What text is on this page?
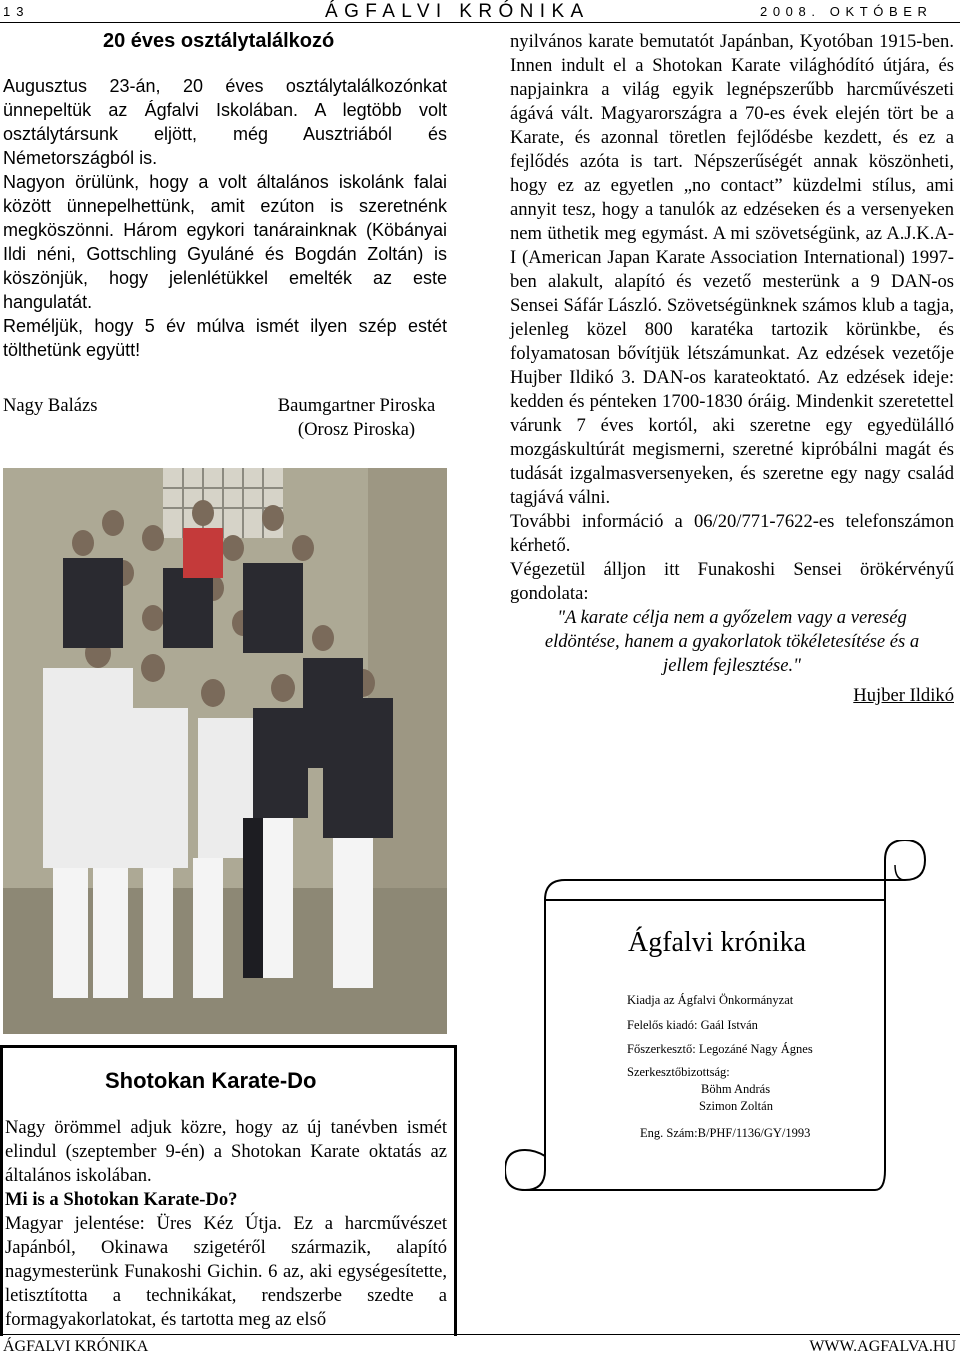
13	ÁGFALVI KRÓNIKA	2008. OKTÓBER
20 éves osztálytalálkozó

Augusztus 23-án, 20 éves osztálytalálkozónkat ünnepeltük az Ágfalvi Iskolában. A legtöbb volt osztálytársunk eljött, még Ausztriából és Németországból is.

Nagyon örülünk, hogy a volt általános iskolánk falai között ünnepelhettünk, amit ezúton is szeretnénk megköszönni. Három egykori tanárainknak (Köbányai Ildi néni, Gottschling Gyuláné és Bogdán Zoltán) is köszönjük, hogy jelenlétükkel emelték az este hangulatát.

Reméljük, hogy 5 év múlva ismét ilyen szép estét tölthetünk együtt!

Nagy Balázs	Baumgartner Piroska
(Orosz Piroska)
Shotokan Karate-Do

Nagy örömmel adjuk közre, hogy az új tanévben ismét elindul (szeptember 9-én) a Shotokan Karate oktatás az általános iskolában.

Mi is a Shotokan Karate-Do?

Magyar jelentése: Üres Kéz Útja. Ez a harcművészet Japánból, Okinawa szigetéről származik, alapító nagymesterünk Funakoshi Gichin. 6 az, aki egységesítette, letisztította a technikákat, rendszerbe szedte a formagyakorlatokat, és tartotta meg az első

nyilvános karate bemutatót Japánban, Kyotóban 1915-ben. Innen indult el a Shotokan Karate világhódító útjára, és napjainkra a világ egyik legnépszerűbb harcművészeti ágává vált. Magyarországra a 70-es évek elején tört be a Karate, és azonnal töretlen fejlődésbe kezdett, és ez a fejlődés azóta is tart. Népszerűségét annak köszönheti, hogy ez az egyetlen „no contact” küzdelmi stílus, ami annyit tesz, hogy a tanulók az edzéseken és a versenyeken nem üthetik meg egymást. A mi szövetségünk, az A.J.K.A-I (American Japan Karate Association International) 1997-ben alakult, alapító és vezető mesterünk a 9 DAN-os Sensei Sáfár László. Szövetségünknek számos klub a tagja, jelenleg közel 800 karatéka tartozik körünkbe, és folyamatosan bővítjük létszámunkat. Az edzések vezetője Hujber Ildikó 3. DAN-os karateoktató. Az edzések ideje: kedden és pénteken 1700-1830 óráig. Mindenkit szeretettel várunk 7 éves kortól, aki szeretne egy egyedülálló mozgáskultúrát megismerni, szeretné kipróbálni magát és tudását izgalmasversenyeken, és szeretne egy nagy család tagjává válni.

További információ a 06/20/771-7622-es telefonszámon kérhető.

Végezetül álljon itt Funakoshi Sensei örökérvényű gondolata:

"A karate célja nem a győzelem vagy a vereség eldöntése, hanem a gyakorlatok tökéletesítése és a jellem fejlesztése."

Hujber Ildikó

Ágfalvi krónika
Kiadja az Ágfalvi Önkormányzat
Felelős kiadó: Gaál István
Főszerkesztő: Legozáné Nagy Ágnes
Szerkesztőbizottság:
Böhm András
Szimon Zoltán
Eng. Szám:B/PHF/1136/GY/1993
ÁGFALVI KRÓNIKA	WWW.AGFALVA.HU
